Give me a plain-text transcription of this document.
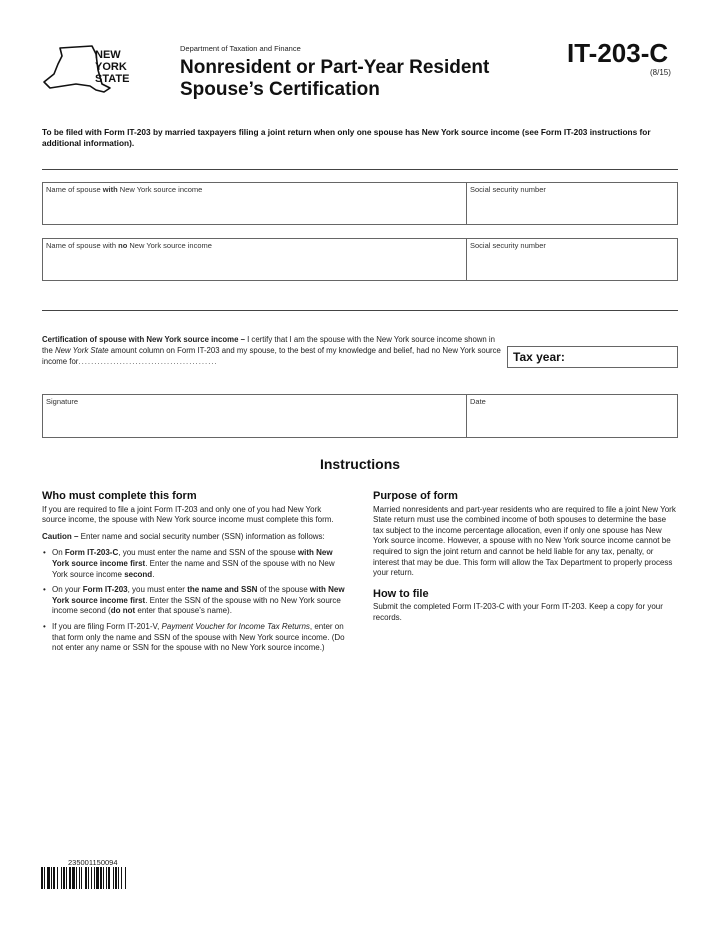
NEW
YORK
STATE
Department of Taxation and Finance
Nonresident or Part-Year Resident
Spouse’s Certification
IT-203-C
(8/15)
To be filed with Form IT-203 by married taxpayers filing a joint return when only one spouse has New York source income (see Form IT-203 instructions for additional information).
Name of spouse with New York source income	Social security number
Name of spouse with no New York source income	Social security number
Certification of spouse with New York source income – I certify that I am the spouse with the New York source income shown in the New York State amount column on Form IT-203 and my spouse, to the best of my knowledge and belief, had no New York source income for............................................	Tax year:
Signature	Date
Instructions
Who must complete this form

If you are required to file a joint Form IT-203 and only one of you had New York source income, the spouse with New York source income must complete this form.

Caution – Enter name and social security number (SSN) information as follows:

• On Form IT-203-C, you must enter the name and SSN of the spouse with New York source income first. Enter the name and SSN of the spouse with no New York source income second.
• On your Form IT-203, you must enter the name and SSN of the spouse with New York source income first. Enter the SSN of the spouse with no New York source income second (do not enter that spouse’s name).
• If you are filing Form IT-201-V, Payment Voucher for Income Tax Returns, enter on that form only the name and SSN of the spouse with New York source income. (Do not enter any name or SSN for the spouse with no New York source income.)
Purpose of form

Married nonresidents and part-year residents who are required to file a joint New York State return must use the combined income of both spouses to determine the base tax subject to the income percentage allocation, even if only one spouse has New York source income. However, a spouse with no New York source income cannot be required to sign the joint return and cannot be held liable for any tax, penalty, or interest that may be due. This form will allow the Tax Department to properly process your return.

How to file

Submit the completed Form IT-203-C with your Form IT-203. Keep a copy for your records.

235001150094
